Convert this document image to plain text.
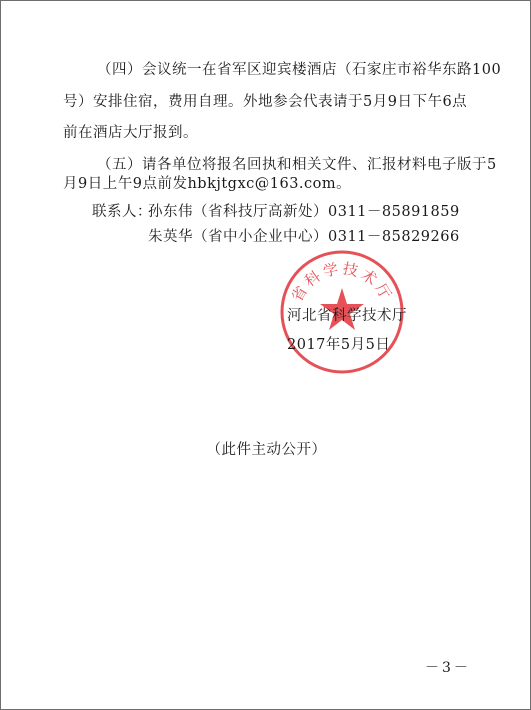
（四）会议统一在省军区迎宾楼酒店（石家庄市裕华东路100
号）安排住宿，费用自理。外地参会代表请于5月9日下午6点
前在酒店大厅报到。
（五）请各单位将报名回执和相关文件、汇报材料电子版于5
月9日上午9点前发hbkjtgxc@163.com。
联系人：
孙东伟（省科技厅高新处）0311－85891859
朱英华（省中小企业中心）0311－85829266
省科学技术厅
河北省科学技术厅
2017年5月5日
（此件主动公开）
－3－
